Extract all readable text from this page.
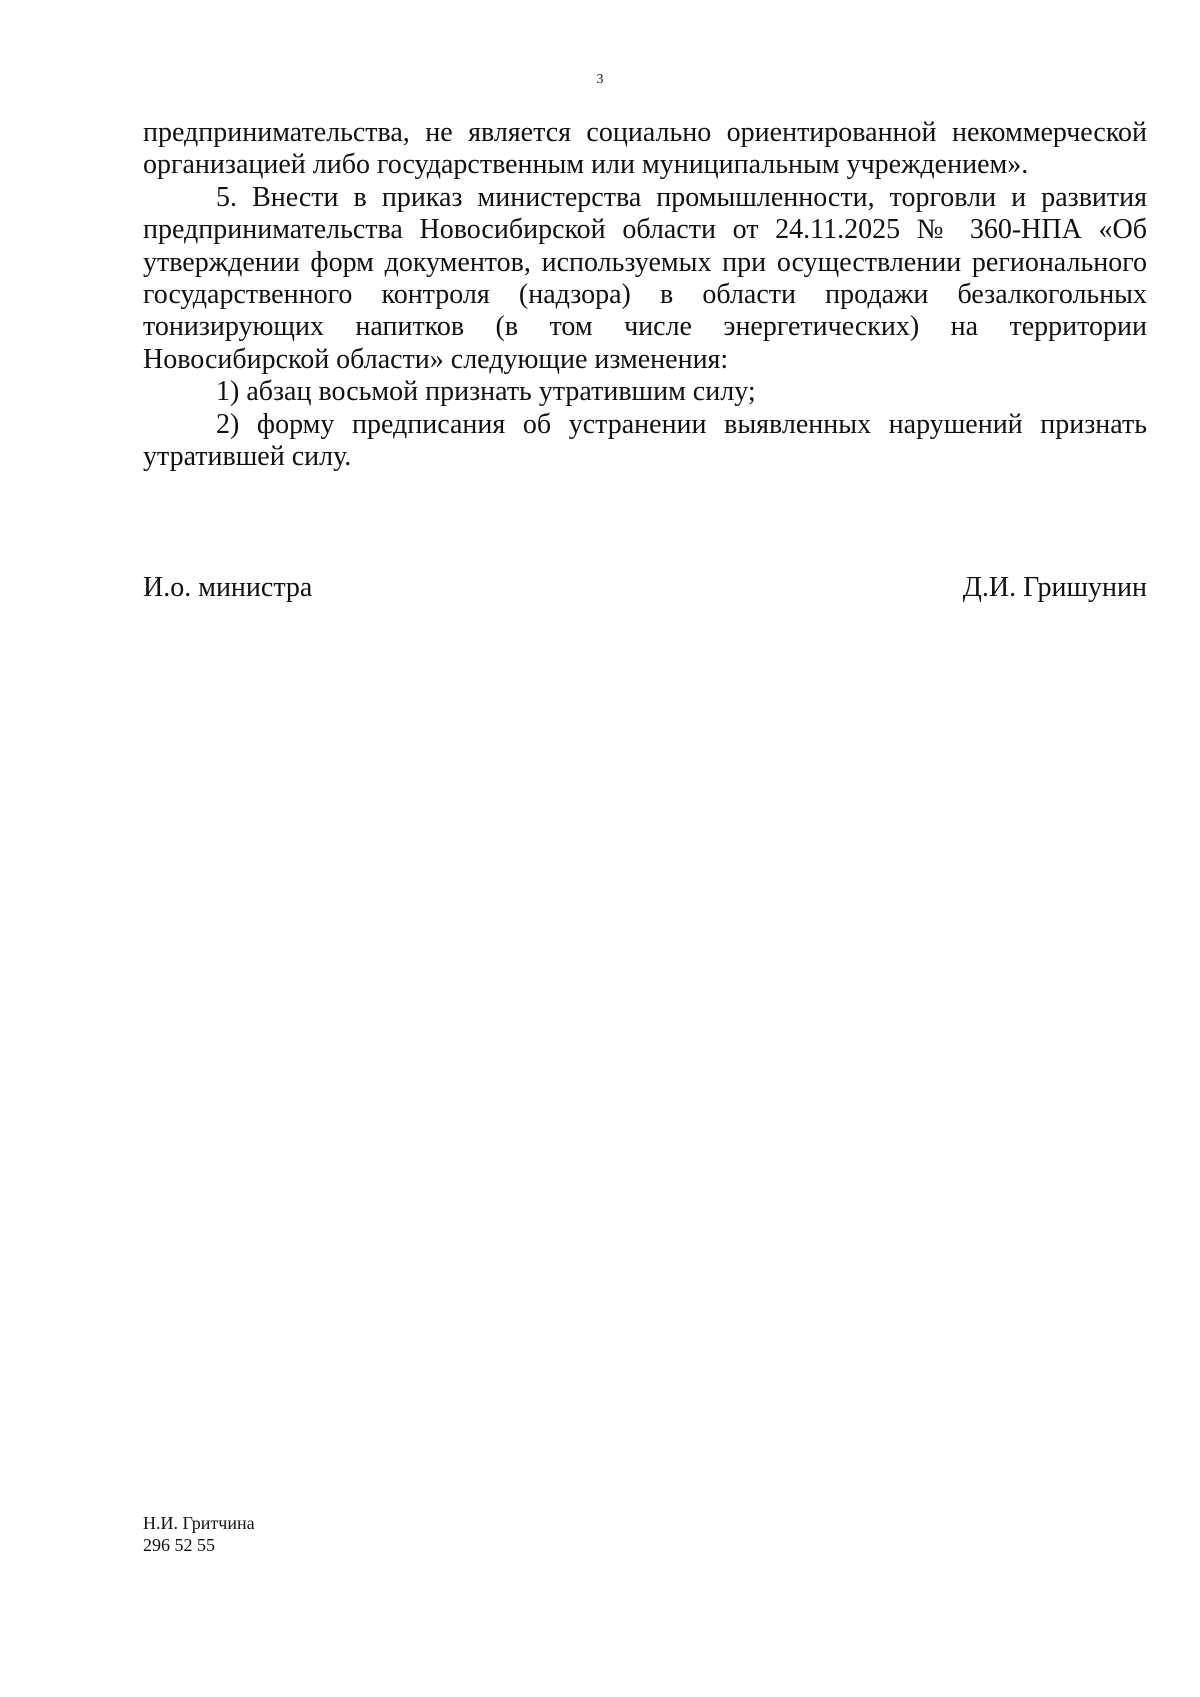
3

предпринимательства, не является социально ориентированной некоммерческой организацией либо государственным или муниципальным учреждением».

5. Внести в приказ министерства промышленности, торговли и развития предпринимательства Новосибирской области от 24.11.2025 № 360-НПА «Об утверждении форм документов, используемых при осуществлении регионального государственного контроля (надзора) в области продажи безалкогольных тонизирующих напитков (в том числе энергетических) на территории Новосибирской области» следующие изменения:

1) абзац восьмой признать утратившим силу;

2) форму предписания об устранении выявленных нарушений признать утратившей силу.

И.о. министра	Д.И. Гришунин
Н.И. Гритчина
296 52 55
